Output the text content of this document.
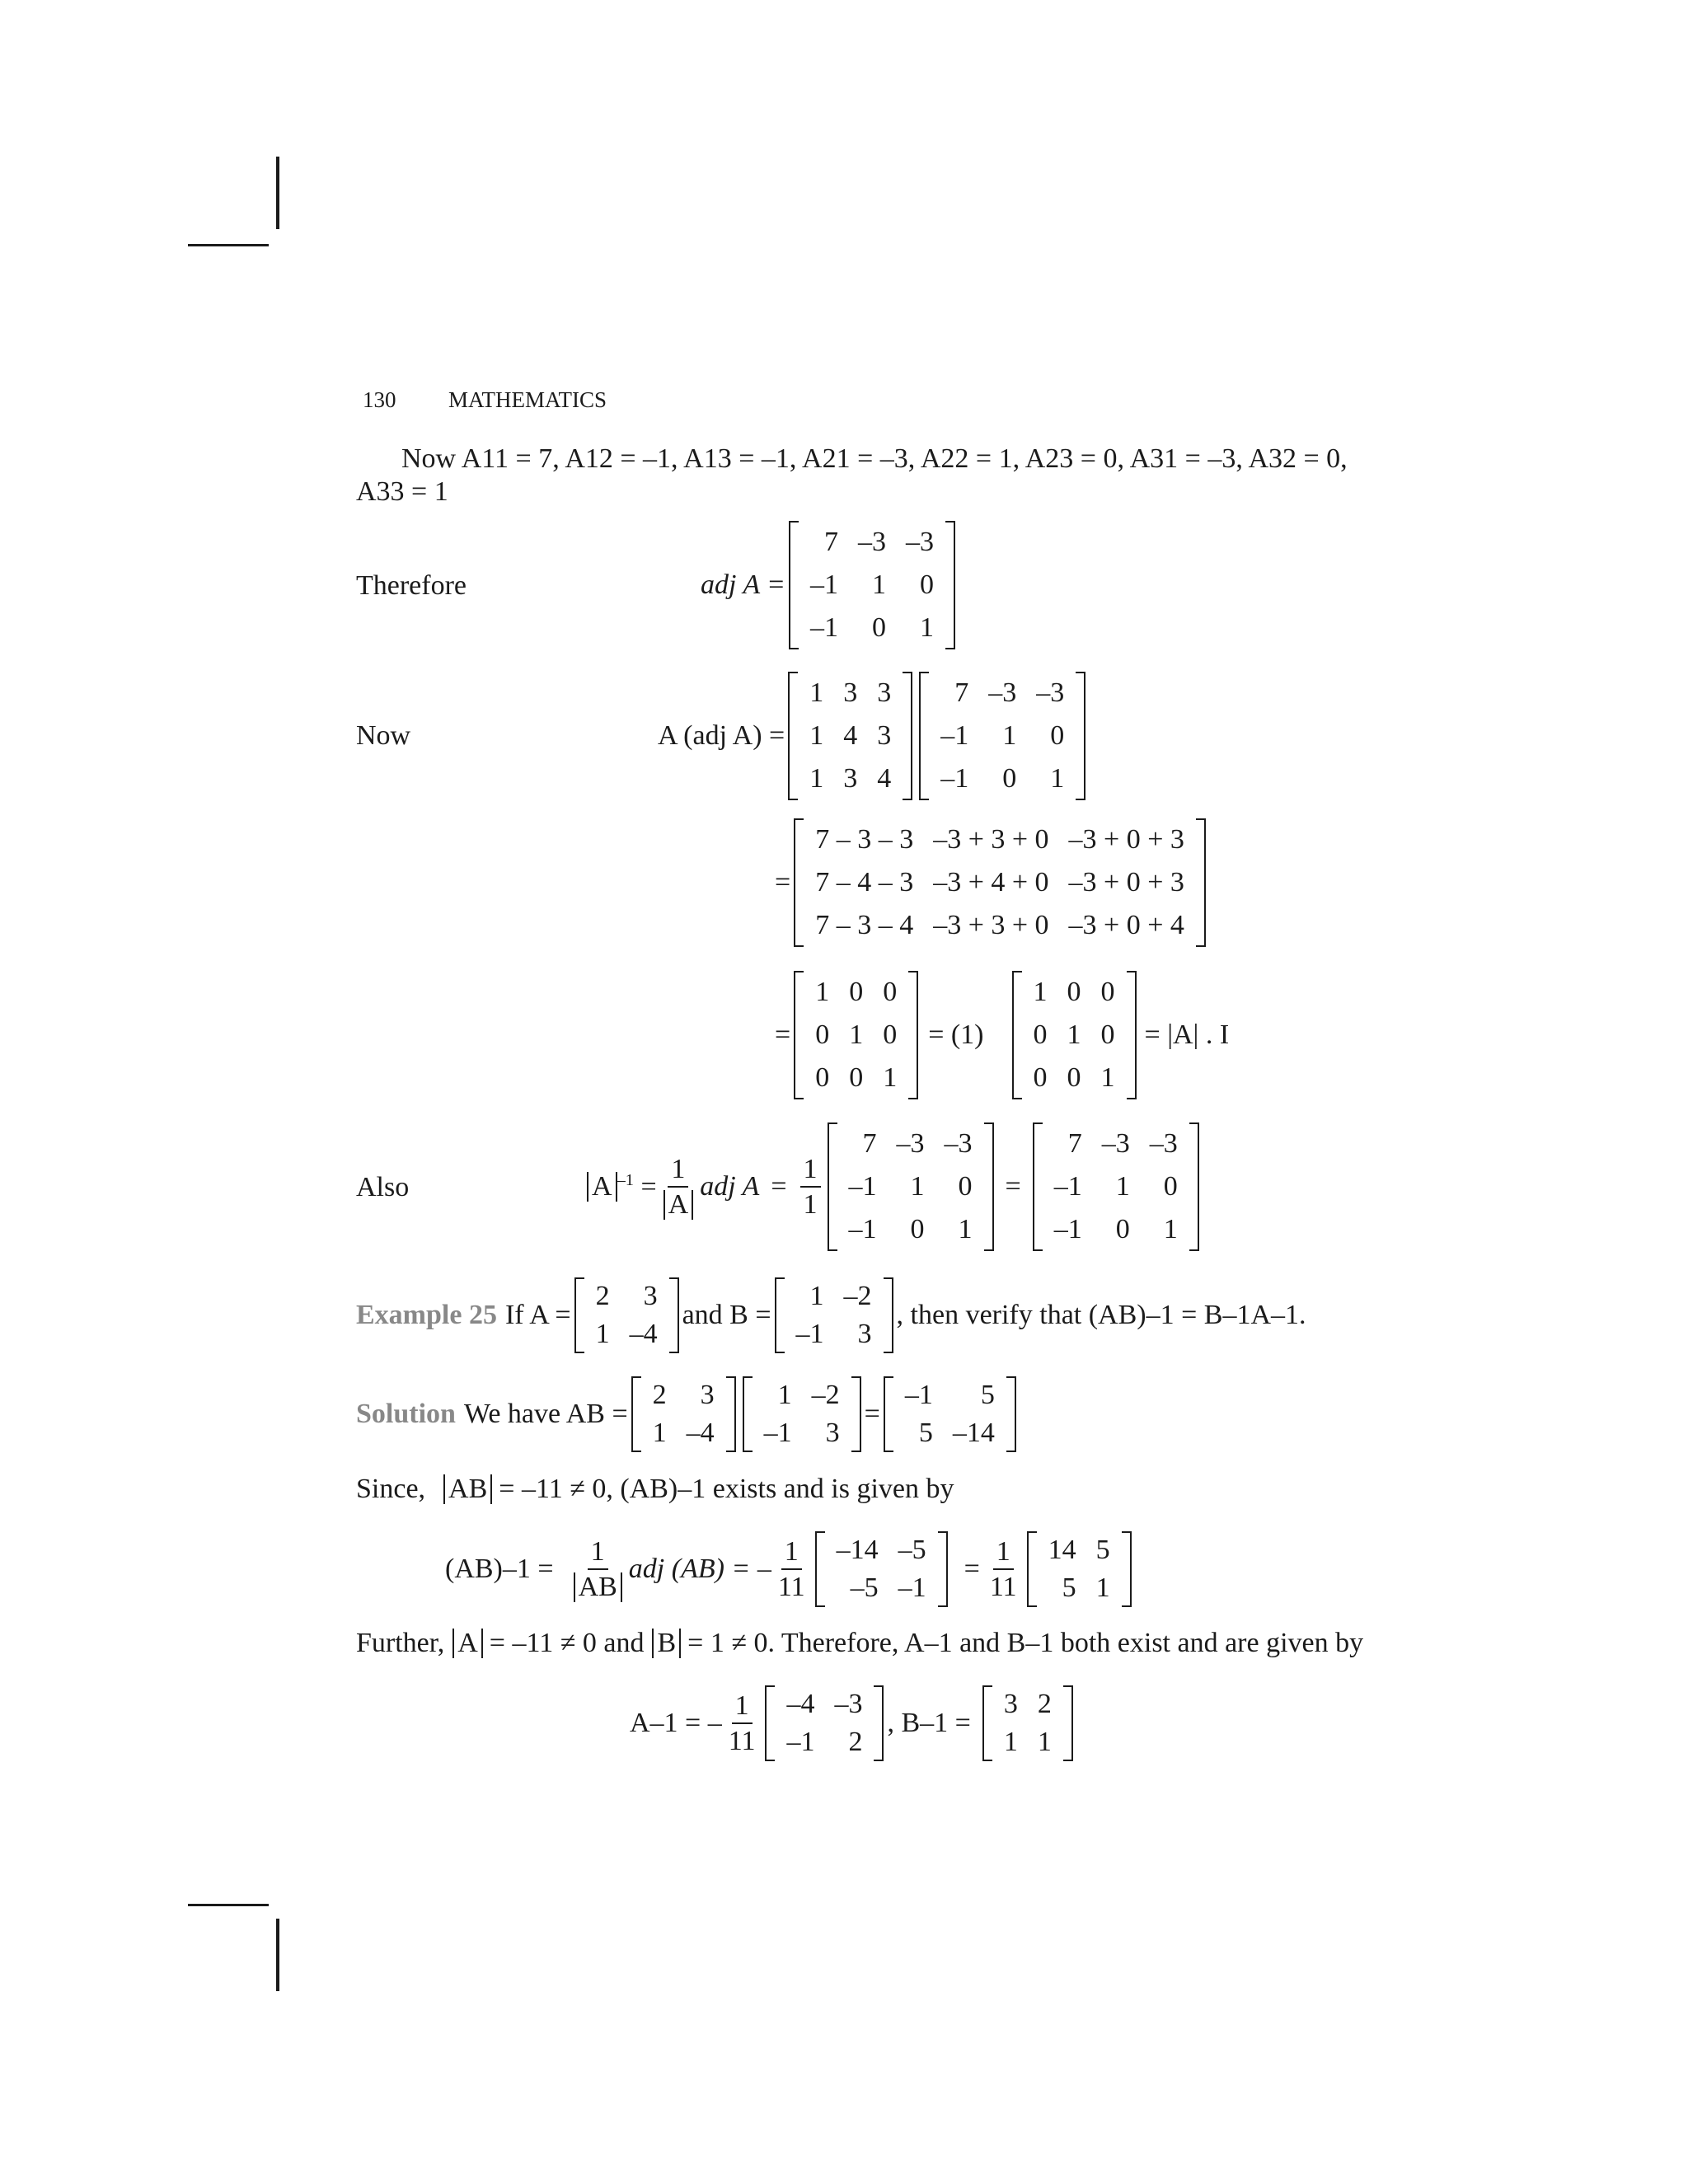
130 MATHEMATICS
Now A11 = 7, A12 = –1, A13 = –1, A21 = –3, A22 = 1, A23 = 0, A31 = –3, A32 = 0,
A33 = 1
Therefore	adj A =
7	–3	–3
–1	1	0
–1	0	1
Now	A (adj A) =
1	3	3
1	4	3
1	3	4
7	–3	–3
–1	1	0
–1	0	1
=
7 – 3 – 3	–3 + 3 + 0	–3 + 0 + 3
7 – 4 – 3	–3 + 4 + 0	–3 + 0 + 3
7 – 3 – 4	–3 + 3 + 0	–3 + 0 + 4
=
1	0	0
0	1	0
0	0	1
= (1)
1	0	0
0	1	0
0	0	1
= |A| . I
Also	A $^{-1} = \frac{1}{A}$ adj $A = \frac{1}{1}$
7	–3	–3
–1	1	0
–1	0	1
=
7	–3	–3
–1	1	0
–1	0	1
Example 25 If A =
2	3
1	–4
and B =
1	–2
–1	3
, then verify that (AB)–1 = B–1A–1.
Solution We have AB =
2	3
1	–4
1	–2
–1	3
=
–1	5
5	–14
Since, AB = –11 ≠ 0, (AB)–1 exists and is given by
$(AB)-1 = \frac{1}{AB}$ adj (AB) = – $\frac{1}{11} -14$	–5
–5	–1
= $\frac{1}{11} 14$	5
5	1
Further, A = –11 ≠ 0 and B = 1 ≠ 0. Therefore, A–1 and B–1 both exist and are given by
A–1 = – $\frac{1}{11} -4$	–3
–1	2
, B–1 =
3	2
1	1
